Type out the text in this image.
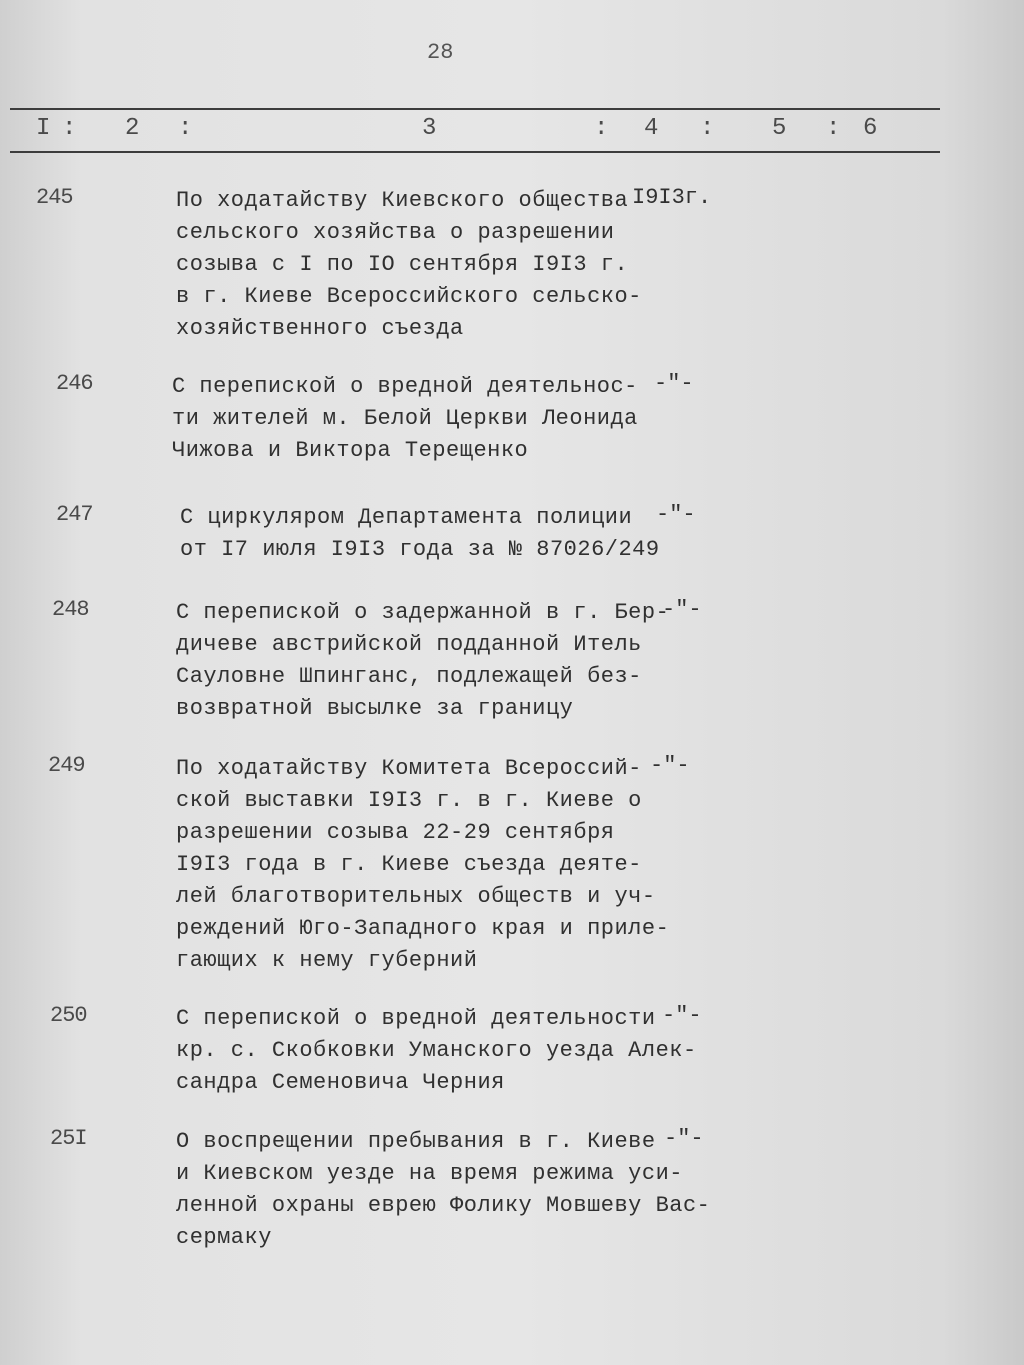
28
I : 2 :	3	: 4 : 5 : 6
245	По ходатайству Киевского общества
сельского хозяйства о разрешении
созыва с I по IO сентября I9I3 г.
в г. Киеве Всероссийского сельско-
хозяйственного съезда
I9I3г.
246	С перепиской о вредной деятельнос-
ти жителей м. Белой Церкви Леонида
Чижова и Виктора Терещенко
-"-
247	С циркуляром Департамента полиции
от I7 июля I9I3 года за № 87026/249
-"-
248	С перепиской о задержанной в г. Бер-
дичеве австрийской подданной Итель
Сауловне Шпинганс, подлежащей без-
возвратной высылке за границу
-"-
249	По ходатайству Комитета Всероссий-
ской выставки I9I3 г. в г. Киеве о
разрешении созыва 22-29 сентября
I9I3 года в г. Киеве съезда деяте-
лей благотворительных обществ и уч-
реждений Юго-Западного края и приле-
гающих к нему губерний
-"-
250	С перепиской о вредной деятельности
кр. с. Скобковки Уманского уезда Алек-
сандра Семеновича Черния
-"-
25I	О воспрещении пребывания в г. Киеве
и Киевском уезде на время режима уси-
ленной охраны еврею Фолику Мовшеву Вас-
сермаку
-"-
